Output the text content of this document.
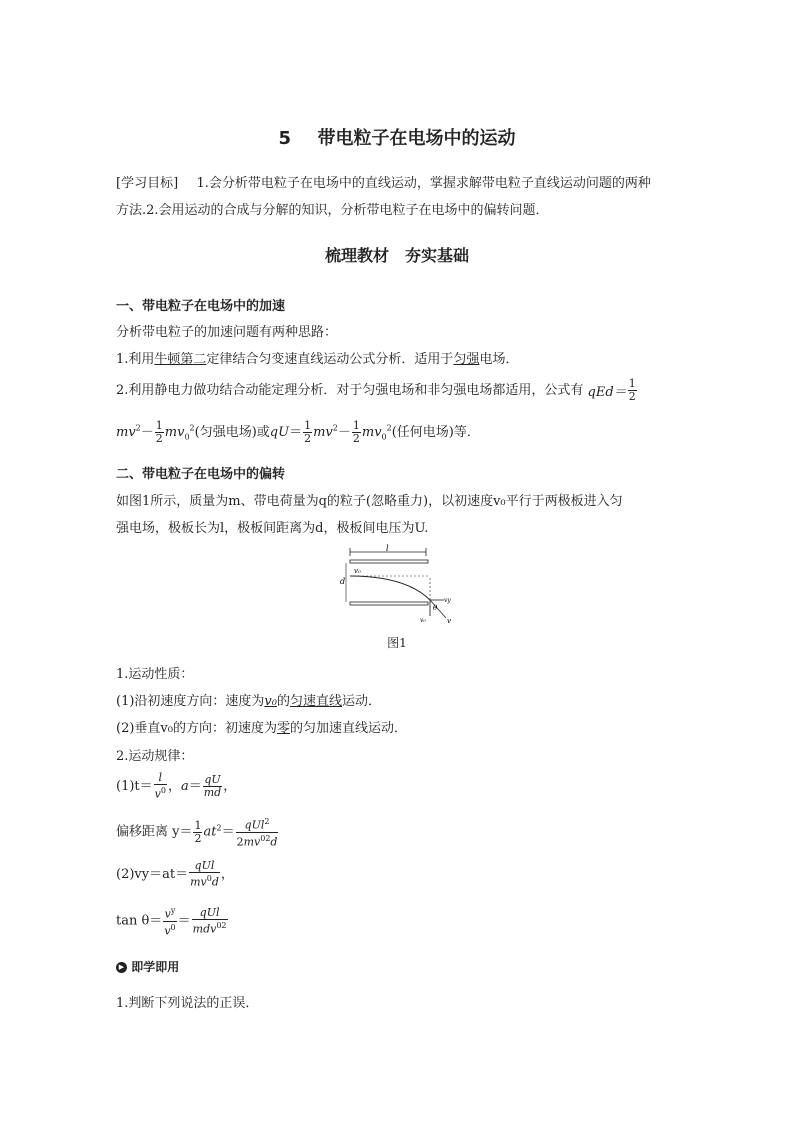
5 带电粒子在电场中的运动
[学习目标] 1.会分析带电粒子在电场中的直线运动，掌握求解带电粒子直线运动问题的两种
方法.2.会用运动的合成与分解的知识，分析带电粒子在电场中的偏转问题．
梳理教材　夯实基础
一、带电粒子在电场中的加速
分析带电粒子的加速问题有两种思路：
1.利用牛顿第二定律结合匀变速直线运动公式分析．适用于匀强电场．
2.利用静电力做功结合动能定理分析．对于匀强电场和非匀强电场都适用，公式有 $qEd= \frac{1}{2}$
$mv^2- \frac{1}{2} mv_0^2$(匀强电场)或$qU= \frac{1}{2} mv^2- \frac{1}{2} mv_0^2$(任何电场)等．
二、带电粒子在电场中的偏转
如图1所示，质量为m、带电荷量为q的粒子(忽略重力)，以初速度v₀平行于两极板进入匀
强电场，极板长为l，极板间距离为d，极板间电压为U.
l
d
v₀
vy
θ
v₀	v
图1
1.运动性质：
(1)沿初速度方向：速度为v₀的匀速直线运动．
(2)垂直v₀的方向：初速度为零的匀加速直线运动．
2.运动规律：
$(1)t= \frac{l}{v^0}$ ，$a= \frac{qU}{md}$ ，
偏移距离 $y= \frac{1}{2} at^2= \frac{qUl^2}{2mv^{02}d}$
$(2)vy=at= \frac{\text{qUl}}{mv^0d}$ ，
$\tan \theta= \frac{v^y}{v^0} = \frac{\text{qUl}}{mdv^{02}}$
▶ 即学即用
1.判断下列说法的正误．
